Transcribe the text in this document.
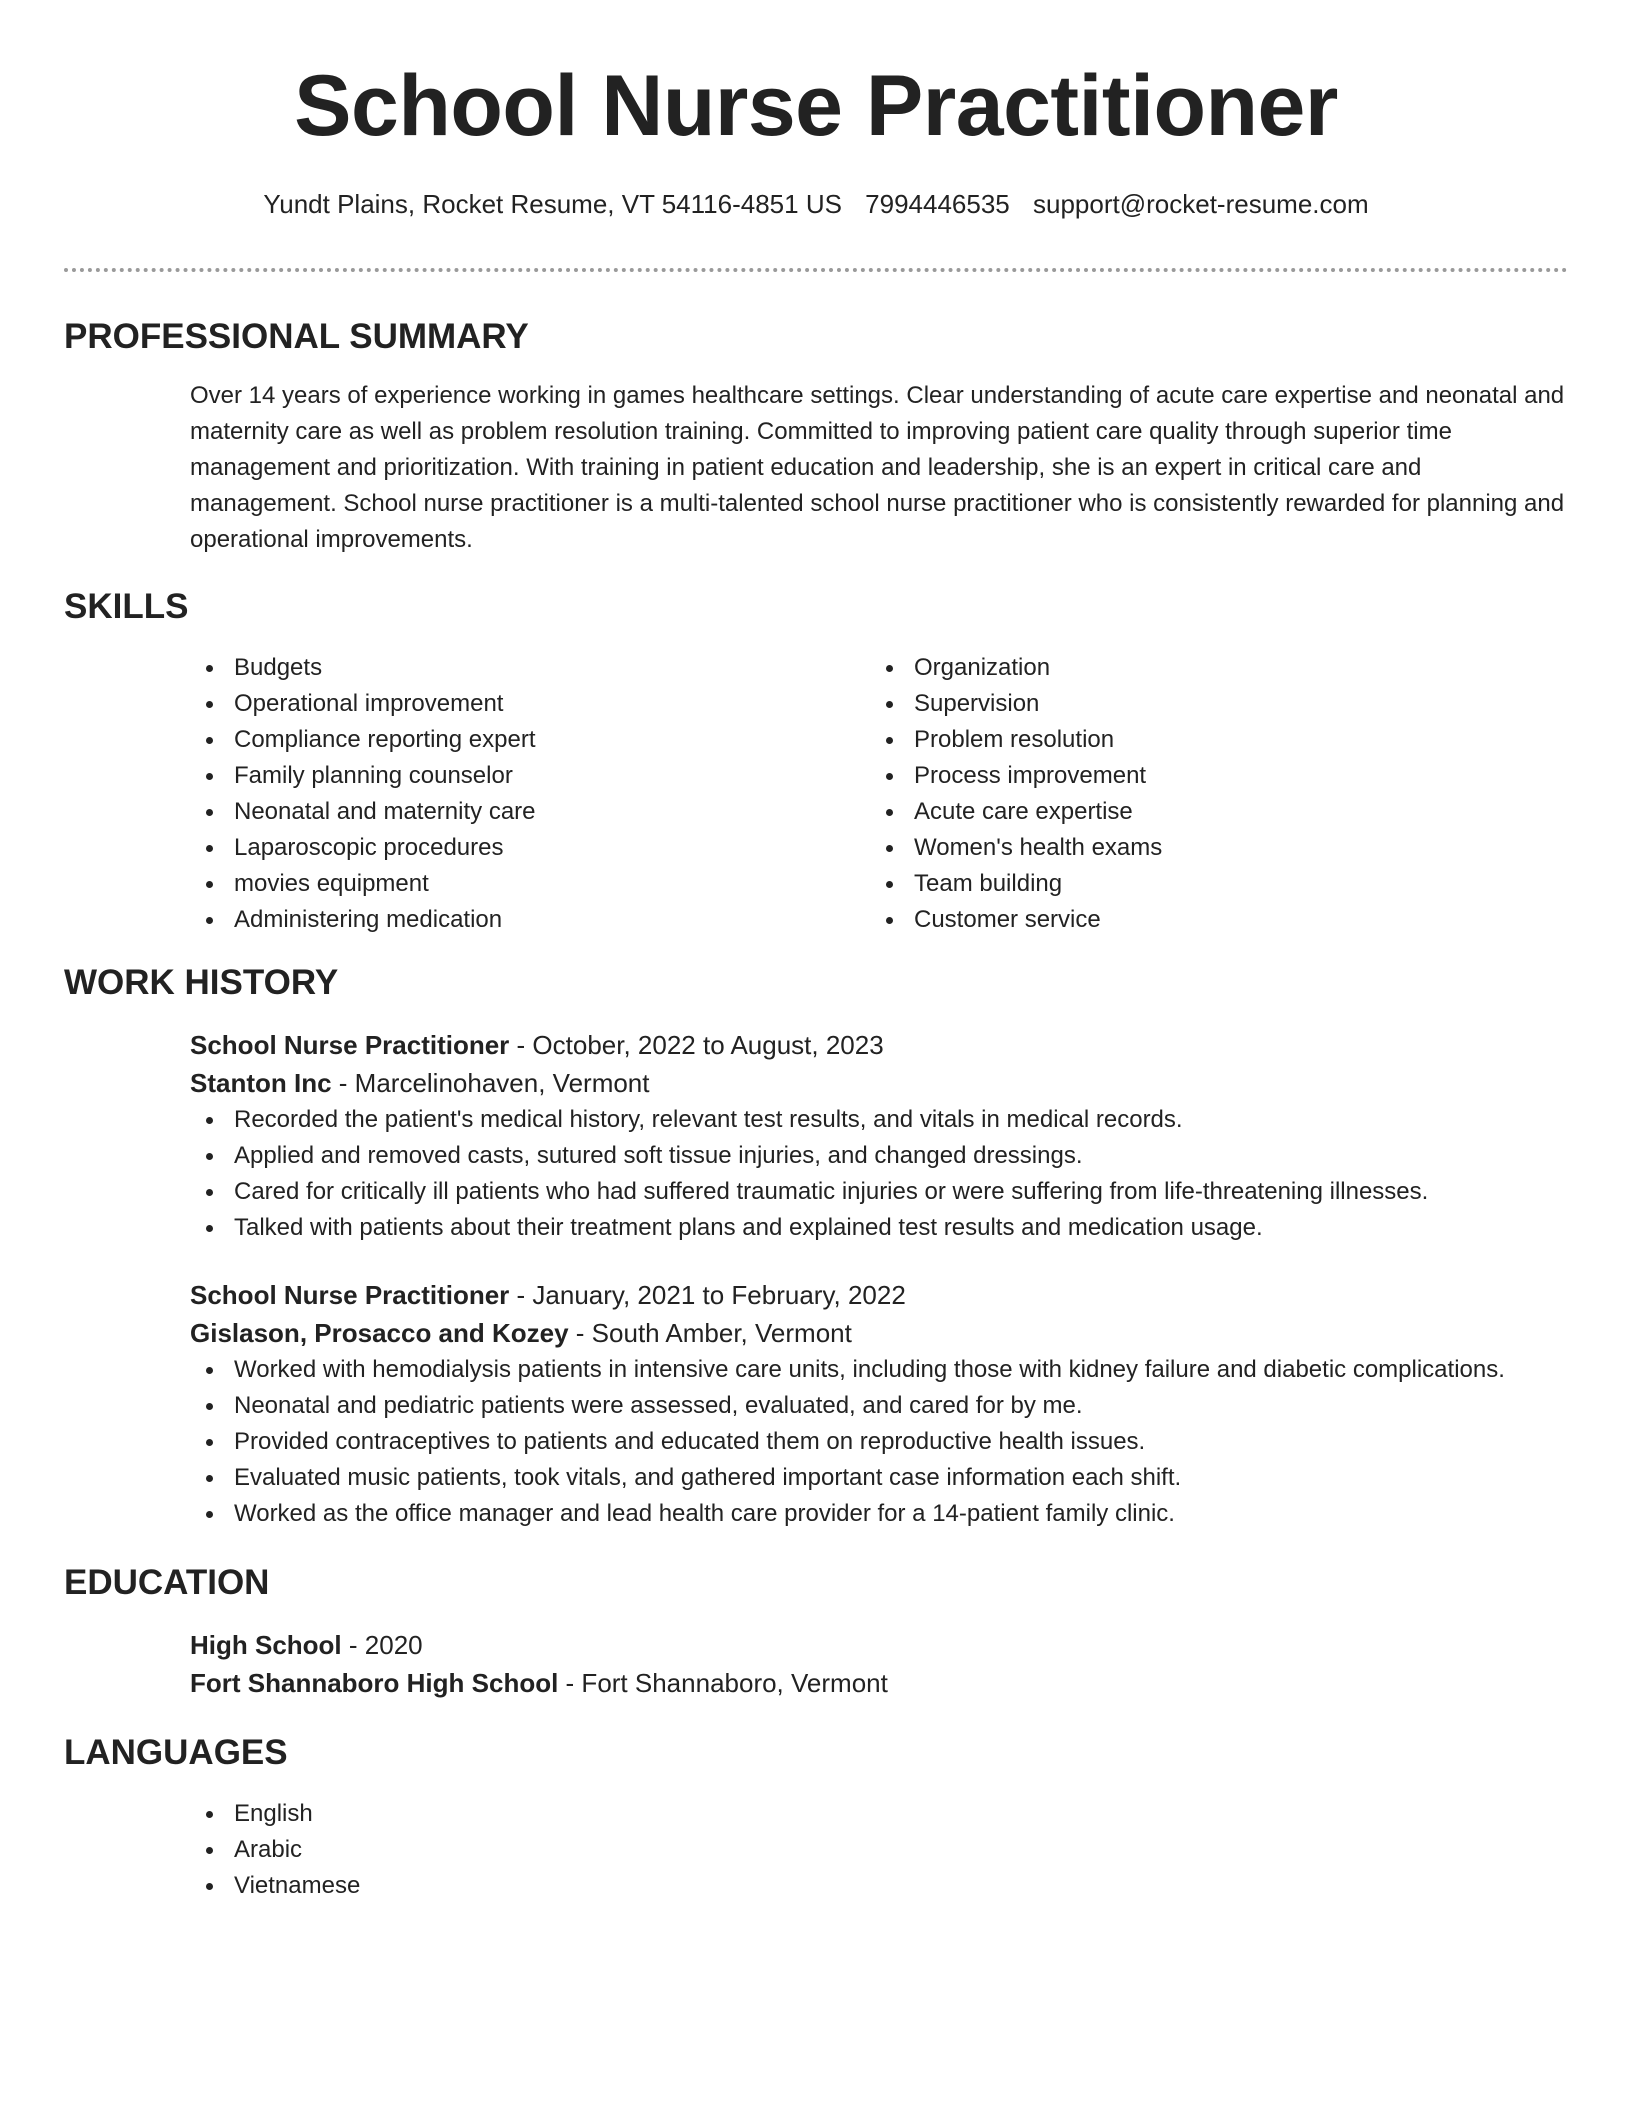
School Nurse Practitioner
Yundt Plains, Rocket Resume, VT 54116-4851 US 7994446535 support@rocket-resume.com
PROFESSIONAL SUMMARY
Over 14 years of experience working in games healthcare settings. Clear understanding of acute care expertise and neonatal and maternity care as well as problem resolution training. Committed to improving patient care quality through superior time management and prioritization. With training in patient education and leadership, she is an expert in critical care and management. School nurse practitioner is a multi-talented school nurse practitioner who is consistently rewarded for planning and operational improvements.
SKILLS
Budgets
Operational improvement
Compliance reporting expert
Family planning counselor
Neonatal and maternity care
Laparoscopic procedures
movies equipment
Administering medication
Organization
Supervision
Problem resolution
Process improvement
Acute care expertise
Women's health exams
Team building
Customer service
WORK HISTORY
School Nurse Practitioner - October, 2022 to August, 2023
Stanton Inc - Marcelinohaven, Vermont
Recorded the patient's medical history, relevant test results, and vitals in medical records.
Applied and removed casts, sutured soft tissue injuries, and changed dressings.
Cared for critically ill patients who had suffered traumatic injuries or were suffering from life-threatening illnesses.
Talked with patients about their treatment plans and explained test results and medication usage.
School Nurse Practitioner - January, 2021 to February, 2022
Gislason, Prosacco and Kozey - South Amber, Vermont
Worked with hemodialysis patients in intensive care units, including those with kidney failure and diabetic complications.
Neonatal and pediatric patients were assessed, evaluated, and cared for by me.
Provided contraceptives to patients and educated them on reproductive health issues.
Evaluated music patients, took vitals, and gathered important case information each shift.
Worked as the office manager and lead health care provider for a 14-patient family clinic.
EDUCATION
High School - 2020
Fort Shannaboro High School - Fort Shannaboro, Vermont
LANGUAGES
English
Arabic
Vietnamese
